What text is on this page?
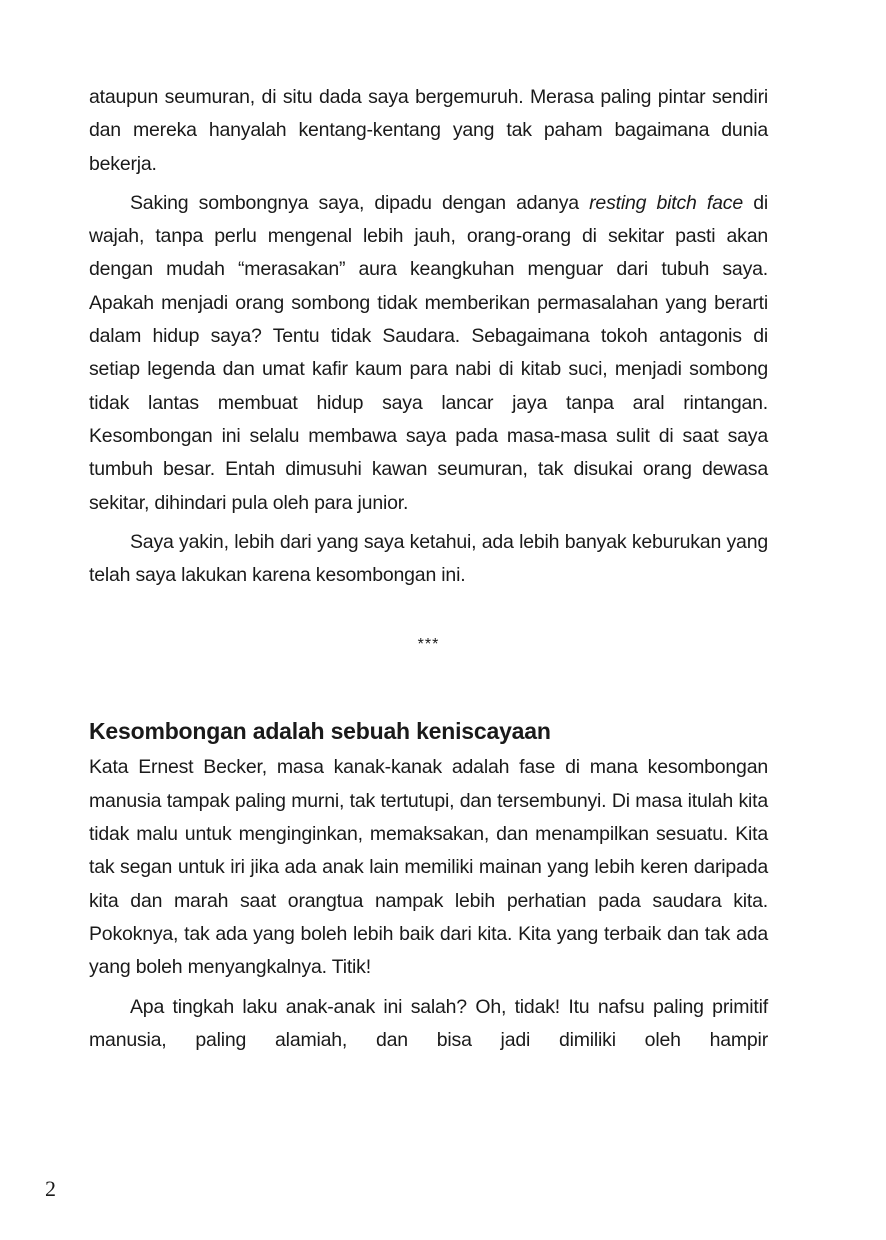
ataupun seumuran, di situ dada saya bergemuruh. Merasa paling pintar sendiri dan mereka hanyalah kentang-kentang yang tak paham bagaimana dunia bekerja.

Saking sombongnya saya, dipadu dengan adanya resting bitch face di wajah, tanpa perlu mengenal lebih jauh, orang-orang di sekitar pasti akan dengan mudah “merasakan” aura keangkuhan menguar dari tubuh saya. Apakah menjadi orang sombong tidak memberikan permasalahan yang berarti dalam hidup saya? Tentu tidak Saudara. Sebagaimana tokoh antagonis di setiap legenda dan umat kafir kaum para nabi di kitab suci, menjadi sombong tidak lantas membuat hidup saya lancar jaya tanpa aral rintangan. Kesombongan ini selalu membawa saya pada masa-masa sulit di saat saya tumbuh besar. Entah dimusuhi kawan seumuran, tak disukai orang dewasa sekitar, dihindari pula oleh para junior.

Saya yakin, lebih dari yang saya ketahui, ada lebih banyak keburukan yang telah saya lakukan karena kesombongan ini.

***
Kesombongan adalah sebuah keniscayaan

Kata Ernest Becker, masa kanak-kanak adalah fase di mana kesombongan manusia tampak paling murni, tak tertutupi, dan tersembunyi. Di masa itulah kita tidak malu untuk menginginkan, memaksakan, dan menampilkan sesuatu. Kita tak segan untuk iri jika ada anak lain memiliki mainan yang lebih keren daripada kita dan marah saat orangtua nampak lebih perhatian pada saudara kita. Pokoknya, tak ada yang boleh lebih baik dari kita. Kita yang terbaik dan tak ada yang boleh menyangkalnya. Titik!

Apa tingkah laku anak-anak ini salah? Oh, tidak! Itu nafsu paling primitif manusia, paling alamiah, dan bisa jadi dimiliki oleh hampir

2
